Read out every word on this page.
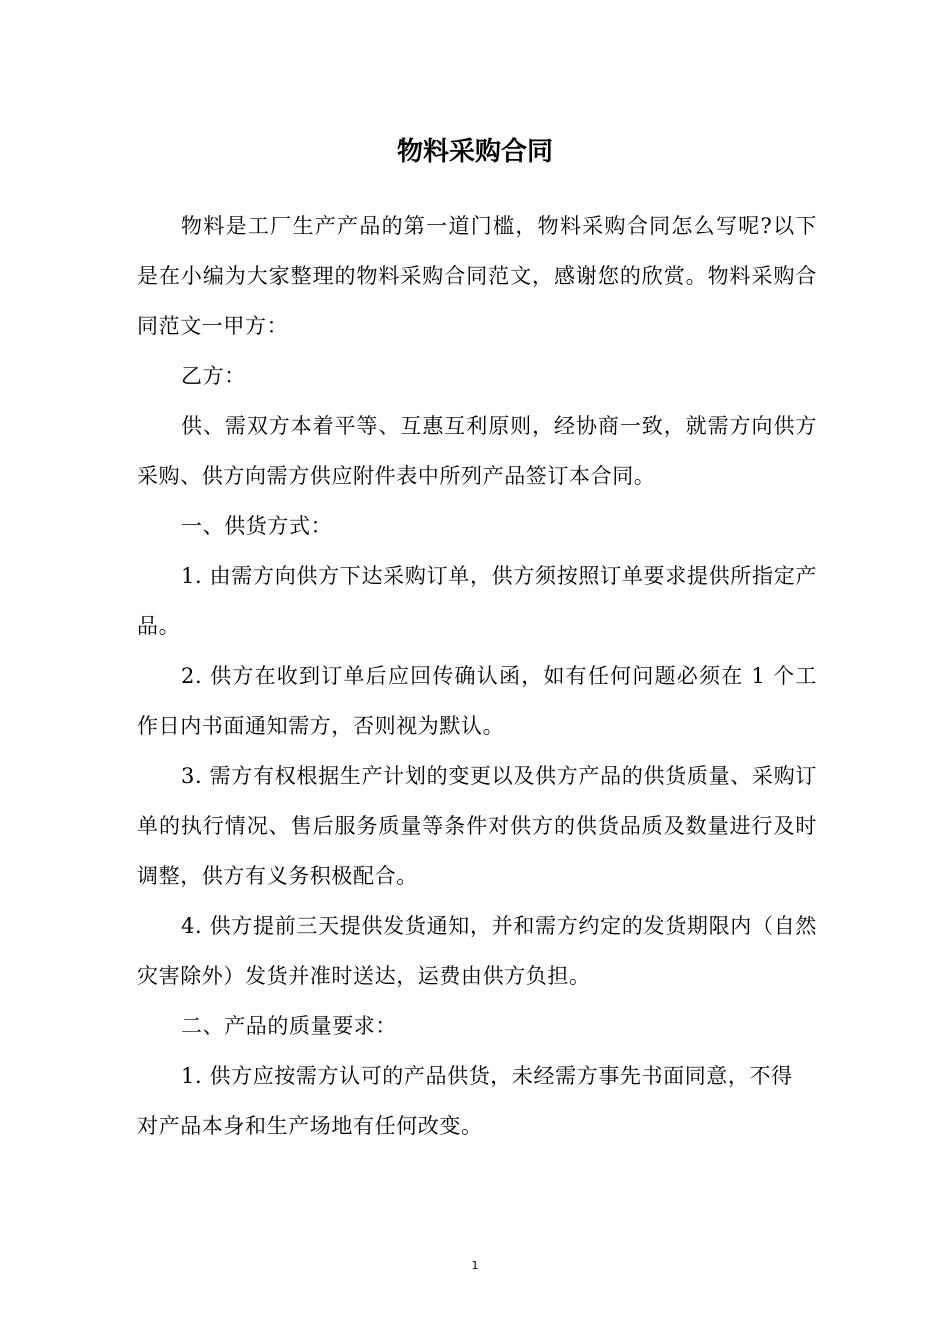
物料采购合同

物料是工厂生产产品的第一道门槛，物料采购合同怎么写呢?以下是在小编为大家整理的物料采购合同范文，感谢您的欣赏。物料采购合同范文一甲方：

乙方：

供、需双方本着平等、互惠互利原则，经协商一致，就需方向供方采购、供方向需方供应附件表中所列产品签订本合同。

一、供货方式：

1. 由需方向供方下达采购订单，供方须按照订单要求提供所指定产品。

2. 供方在收到订单后应回传确认函，如有任何问题必须在 1 个工作日内书面通知需方，否则视为默认。

3. 需方有权根据生产计划的变更以及供方产品的供货质量、采购订单的执行情况、售后服务质量等条件对供方的供货品质及数量进行及时调整，供方有义务积极配合。

4. 供方提前三天提供发货通知，并和需方约定的发货期限内（自然灾害除外）发货并准时送达，运费由供方负担。

二、产品的质量要求：

1. 供方应按需方认可的产品供货，未经需方事先书面同意，不得

对产品本身和生产场地有任何改变。

1
